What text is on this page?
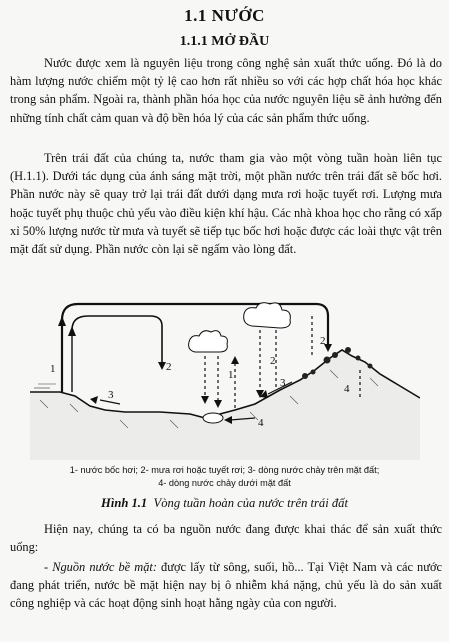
1.1 NƯỚC
1.1.1 MỞ ĐẦU

Nước được xem là nguyên liệu trong công nghệ sản xuất thức uống. Đó là do hàm lượng nước chiếm một tỷ lệ cao hơn rất nhiều so với các hợp chất hóa học khác trong sản phẩm. Ngoài ra, thành phần hóa học của nước nguyên liệu sẽ ảnh hưởng đến những tính chất cảm quan và độ bền hóa lý của các sản phẩm thức uống.

Trên trái đất của chúng ta, nước tham gia vào một vòng tuần hoàn liên tục (H.1.1). Dưới tác dụng của ánh sáng mặt trời, một phần nước trên trái đất sẽ bốc hơi. Phần nước này sẽ quay trở lại trái đất dưới dạng mưa rơi hoặc tuyết rơi. Lượng mưa hoặc tuyết phụ thuộc chủ yếu vào điều kiện khí hậu. Các nhà khoa học cho rằng có xấp xỉ 50% lượng nước từ mưa và tuyết sẽ tiếp tục bốc hơi hoặc được các loài thực vật trên mặt đất sử dụng. Phần nước còn lại sẽ ngấm vào lòng đất.

1	2
3
4
1
2
2
3	4
1- nước bốc hơi; 2- mưa rơi hoặc tuyết rơi; 3- dòng nước chảy trên mặt đất;
4- dòng nước chảy dưới mặt đất
Hình 1.1 Vòng tuần hoàn của nước trên trái đất

Hiện nay, chúng ta có ba nguồn nước đang được khai thác để sản xuất thức uống:

- Nguồn nước bề mặt: được lấy từ sông, suối, hồ... Tại Việt Nam và các nước đang phát triển, nước bề mặt hiện nay bị ô nhiễm khá nặng, chủ yếu là do sản xuất công nghiệp và các hoạt động sinh hoạt hằng ngày của con người.
